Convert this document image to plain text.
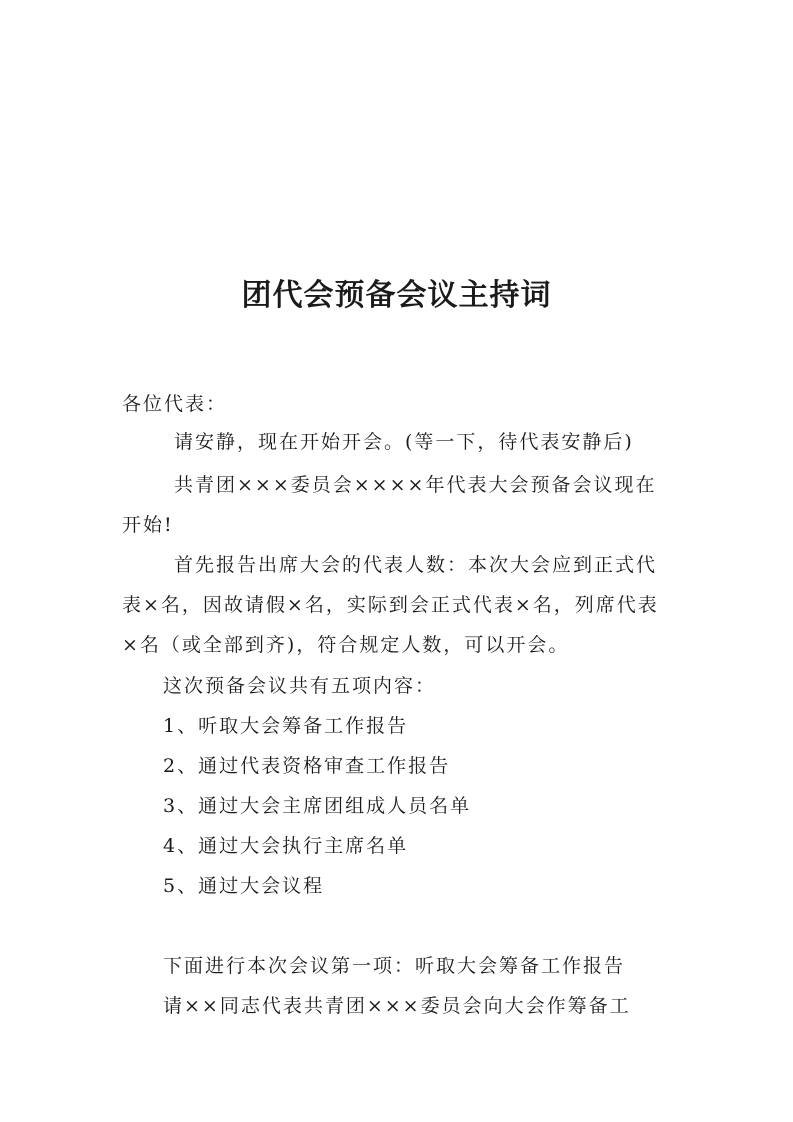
团代会预备会议主持词
各位代表：
请安静，现在开始开会。(等一下，待代表安静后)
共青团×××委员会××××年代表大会预备会议现在开始!
首先报告出席大会的代表人数：本次大会应到正式代表×名，因故请假×名，实际到会正式代表×名，列席代表×名（或全部到齐)，符合规定人数，可以开会。
这次预备会议共有五项内容：
1、听取大会筹备工作报告
2、通过代表资格审查工作报告
3、通过大会主席团组成人员名单
4、通过大会执行主席名单
5、通过大会议程
下面进行本次会议第一项：听取大会筹备工作报告
请××同志代表共青团×××委员会向大会作筹备工
